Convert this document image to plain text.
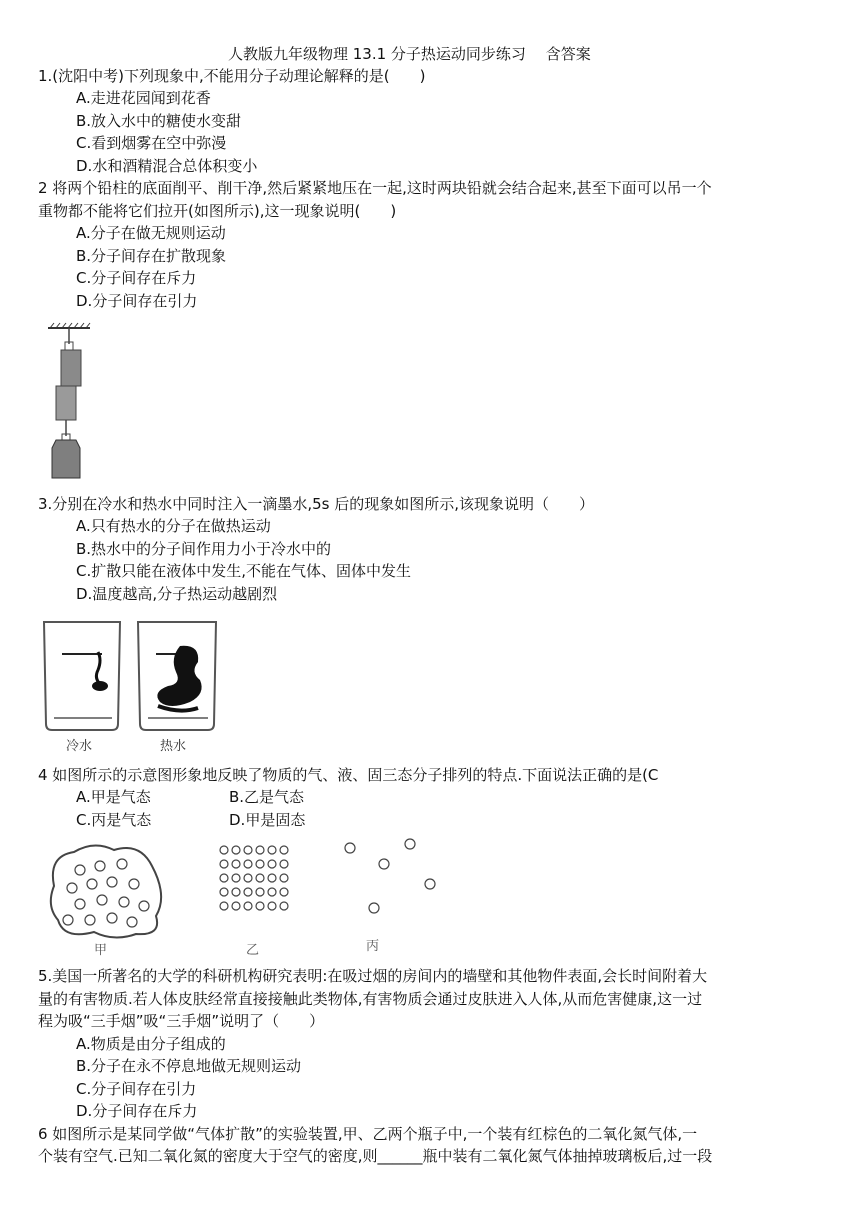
人教版九年级物理 13.1 分子热运动同步练习　 含答案
1.(沈阳中考)下列现象中,不能用分子动理论解释的是(　　)
A.走进花园闻到花香
B.放入水中的糖使水变甜
C.看到烟雾在空中弥漫
D.水和酒精混合总体积变小
2 将两个铅柱的底面削平、削干净,然后紧紧地压在一起,这时两块铅就会结合起来,甚至下面可以吊一个
重物都不能将它们拉开(如图所示),这一现象说明(　　)
A.分子在做无规则运动
B.分子间存在扩散现象
C.分子间存在斥力
D.分子间存在引力
3.分别在冷水和热水中同时注入一滴墨水,5s 后的现象如图所示,该现象说明（　　）
A.只有热水的分子在做热运动
B.热水中的分子间作用力小于冷水中的
C.扩散只能在液体中发生,不能在气体、固体中发生
D.温度越高,分子热运动越剧烈
冷水	热水
4 如图所示的示意图形象地反映了物质的气、液、固三态分子排列的特点.下面说法正确的是(C
A.甲是气态	B.乙是气态
C.丙是气态	D.甲是固态
甲	乙	丙
5.美国一所著名的大学的科研机构研究表明:在吸过烟的房间内的墙壁和其他物件表面,会长时间附着大
量的有害物质.若人体皮肤经常直接接触此类物体,有害物质会通过皮肤进入人体,从而危害健康,这一过
程为吸“三手烟”吸“三手烟”说明了（　　）
A.物质是由分子组成的
B.分子在永不停息地做无规则运动
C.分子间存在引力
D.分子间存在斥力
6 如图所示是某同学做“气体扩散”的实验装置,甲、乙两个瓶子中,一个装有红棕色的二氧化氮气体,一
个装有空气.已知二氧化氮的密度大于空气的密度,则______瓶中装有二氧化氮气体抽掉玻璃板后,过一段
